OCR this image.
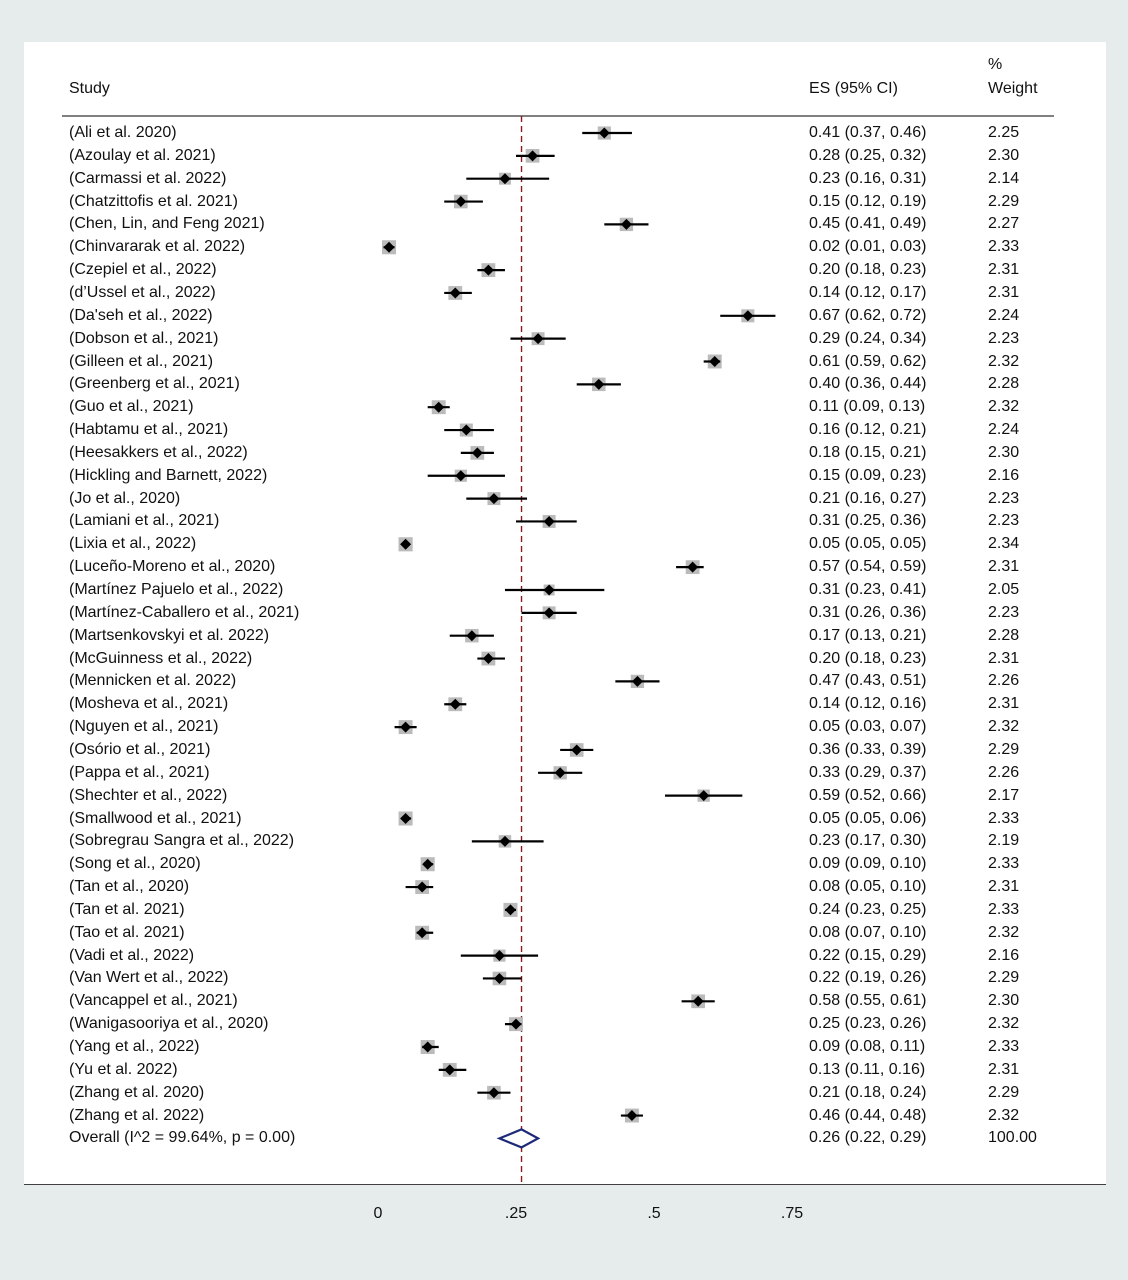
Study	ES (95% CI)
%
Weight
(Ali et al. 2020)	0.41 (0.37, 0.46)	2.25
(Azoulay et al. 2021)	0.28 (0.25, 0.32)	2.30
(Carmassi et al. 2022)	0.23 (0.16, 0.31)	2.14
(Chatzittofis et al. 2021)	0.15 (0.12, 0.19)	2.29
(Chen, Lin, and Feng 2021)	0.45 (0.41, 0.49)	2.27
(Chinvararak et al. 2022)	0.02 (0.01, 0.03)	2.33
(Czepiel et al., 2022)	0.20 (0.18, 0.23)	2.31
(d’Ussel et al., 2022)	0.14 (0.12, 0.17)	2.31
(Da'seh et al., 2022)	0.67 (0.62, 0.72)	2.24
(Dobson et al., 2021)	0.29 (0.24, 0.34)	2.23
(Gilleen et al., 2021)	0.61 (0.59, 0.62)	2.32
(Greenberg et al., 2021)	0.40 (0.36, 0.44)	2.28
(Guo et al., 2021)	0.11 (0.09, 0.13)	2.32
(Habtamu et al., 2021)	0.16 (0.12, 0.21)	2.24
(Heesakkers et al., 2022)	0.18 (0.15, 0.21)	2.30
(Hickling and Barnett, 2022)	0.15 (0.09, 0.23)	2.16
(Jo et al., 2020)	0.21 (0.16, 0.27)	2.23
(Lamiani et al., 2021)	0.31 (0.25, 0.36)	2.23
(Lixia et al., 2022)	0.05 (0.05, 0.05)	2.34
(Luceño-Moreno et al., 2020)	0.57 (0.54, 0.59)	2.31
(Martínez Pajuelo et al., 2022)	0.31 (0.23, 0.41)	2.05
(Martínez-Caballero et al., 2021)	0.31 (0.26, 0.36)	2.23
(Martsenkovskyi et al. 2022)	0.17 (0.13, 0.21)	2.28
(McGuinness et al., 2022)	0.20 (0.18, 0.23)	2.31
(Mennicken et al. 2022)	0.47 (0.43, 0.51)	2.26
(Mosheva et al., 2021)	0.14 (0.12, 0.16)	2.31
(Nguyen et al., 2021)	0.05 (0.03, 0.07)	2.32
(Osório et al., 2021)	0.36 (0.33, 0.39)	2.29
(Pappa et al., 2021)	0.33 (0.29, 0.37)	2.26
(Shechter et al., 2022)	0.59 (0.52, 0.66)	2.17
(Smallwood et al., 2021)	0.05 (0.05, 0.06)	2.33
(Sobregrau Sangra et al., 2022)	0.23 (0.17, 0.30)	2.19
(Song et al., 2020)	0.09 (0.09, 0.10)	2.33
(Tan et al., 2020)	0.08 (0.05, 0.10)	2.31
(Tan et al. 2021)	0.24 (0.23, 0.25)	2.33
(Tao et al. 2021)	0.08 (0.07, 0.10)	2.32
(Vadi et al., 2022)	0.22 (0.15, 0.29)	2.16
(Van Wert et al., 2022)	0.22 (0.19, 0.26)	2.29
(Vancappel et al., 2021)	0.58 (0.55, 0.61)	2.30
(Wanigasooriya et al., 2020)	0.25 (0.23, 0.26)	2.32
(Yang et al., 2022)	0.09 (0.08, 0.11)	2.33
(Yu et al. 2022)	0.13 (0.11, 0.16)	2.31
(Zhang et al. 2020)	0.21 (0.18, 0.24)	2.29
(Zhang et al. 2022)	0.46 (0.44, 0.48)	2.32
Overall (I^2 = 99.64%, p = 0.00)	0.26 (0.22, 0.29)	100.00
0	.25	.5	.75
